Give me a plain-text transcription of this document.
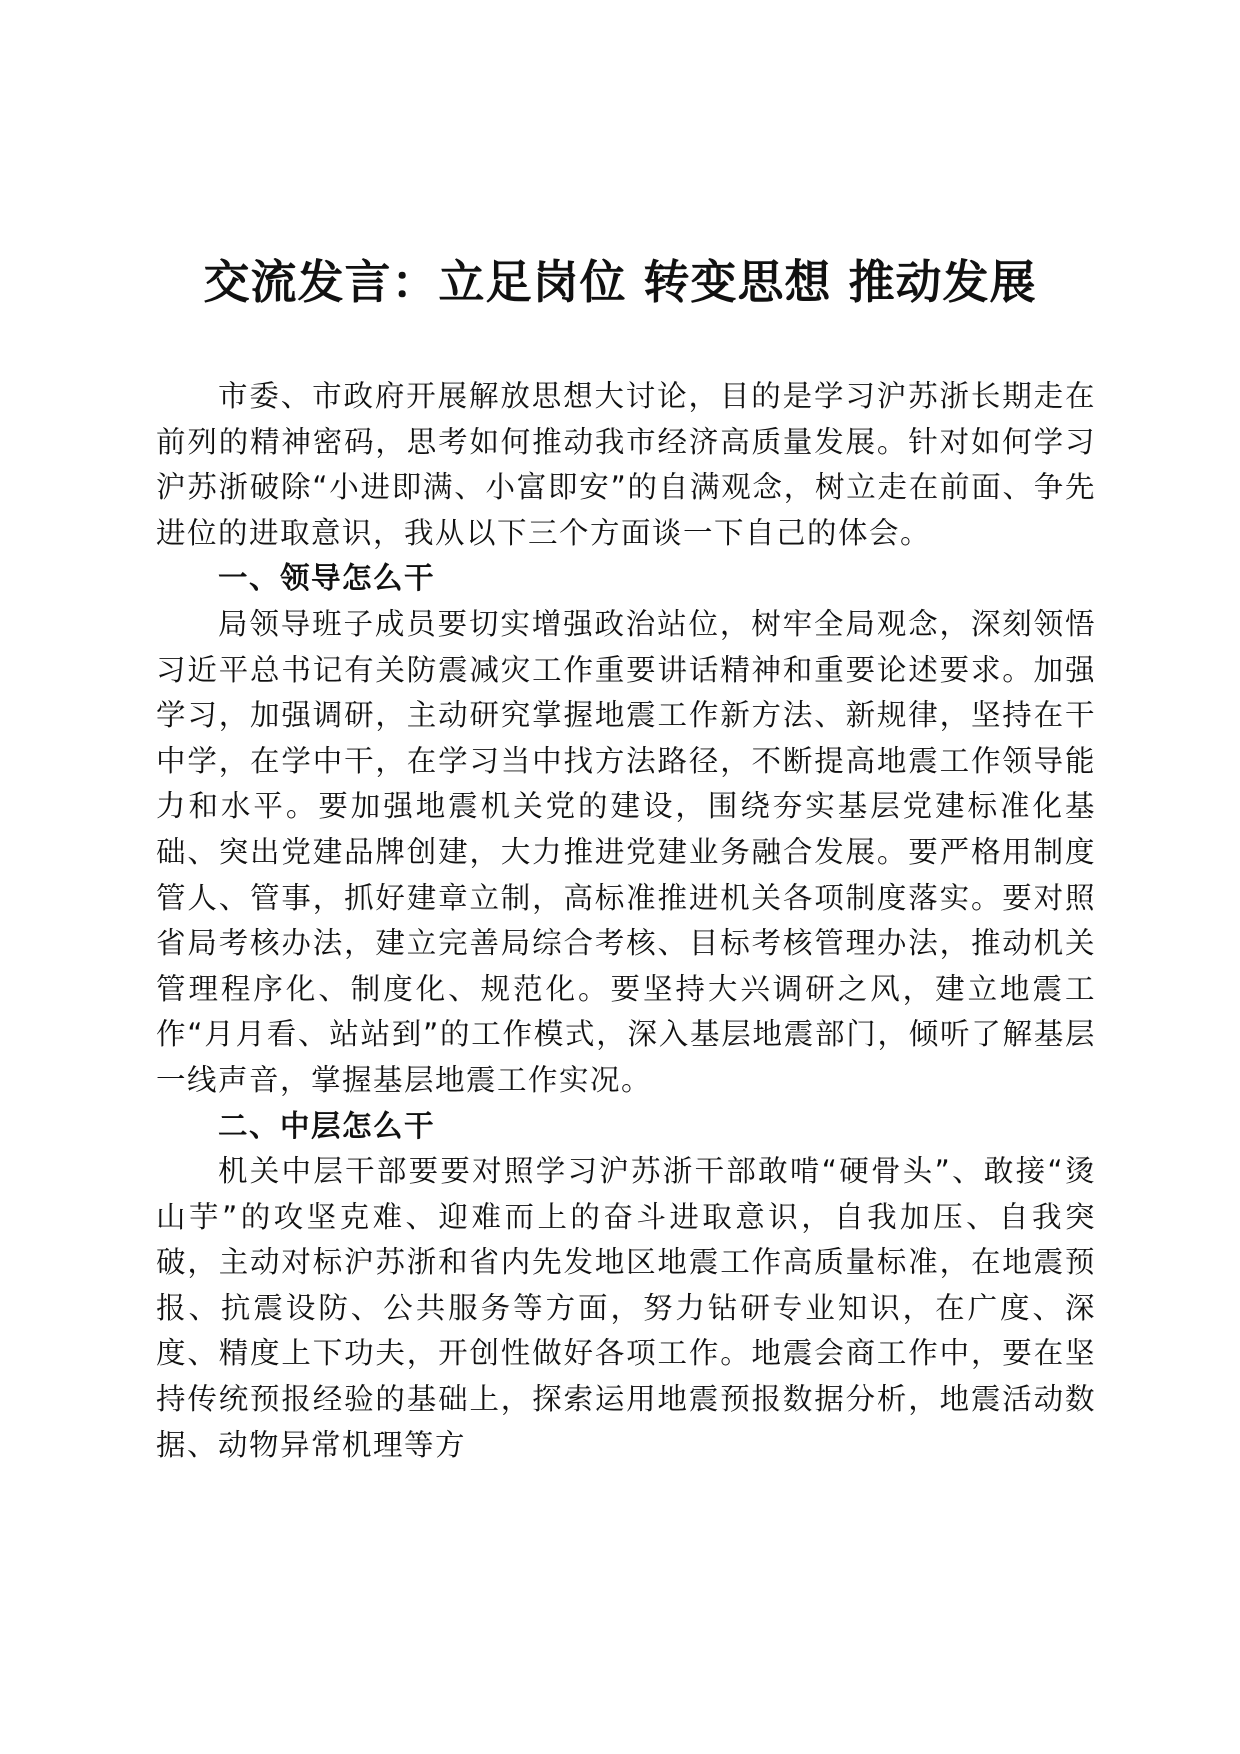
交流发言：立足岗位 转变思想 推动发展

市委、市政府开展解放思想大讨论，目的是学习沪苏浙长期走在前列的精神密码，思考如何推动我市经济高质量发展。针对如何学习沪苏浙破除“小进即满、小富即安”的自满观念，树立走在前面、争先进位的进取意识，我从以下三个方面谈一下自己的体会。

一、领导怎么干

局领导班子成员要切实增强政治站位，树牢全局观念，深刻领悟习近平总书记有关防震减灾工作重要讲话精神和重要论述要求。加强学习，加强调研，主动研究掌握地震工作新方法、新规律，坚持在干中学，在学中干，在学习当中找方法路径，不断提高地震工作领导能力和水平。要加强地震机关党的建设，围绕夯实基层党建标准化基础、突出党建品牌创建，大力推进党建业务融合发展。要严格用制度管人、管事，抓好建章立制，高标准推进机关各项制度落实。要对照省局考核办法，建立完善局综合考核、目标考核管理办法，推动机关管理程序化、制度化、规范化。要坚持大兴调研之风，建立地震工作“月月看、站站到”的工作模式，深入基层地震部门，倾听了解基层一线声音，掌握基层地震工作实况。

二、中层怎么干

机关中层干部要要对照学习沪苏浙干部敢啃“硬骨头”、敢接“烫山芋”的攻坚克难、迎难而上的奋斗进取意识，自我加压、自我突破，主动对标沪苏浙和省内先发地区地震工作高质量标准，在地震预报、抗震设防、公共服务等方面，努力钻研专业知识，在广度、深度、精度上下功夫，开创性做好各项工作。地震会商工作中，要在坚持传统预报经验的基础上，探索运用地震预报数据分析，地震活动数据、动物异常机理等方
